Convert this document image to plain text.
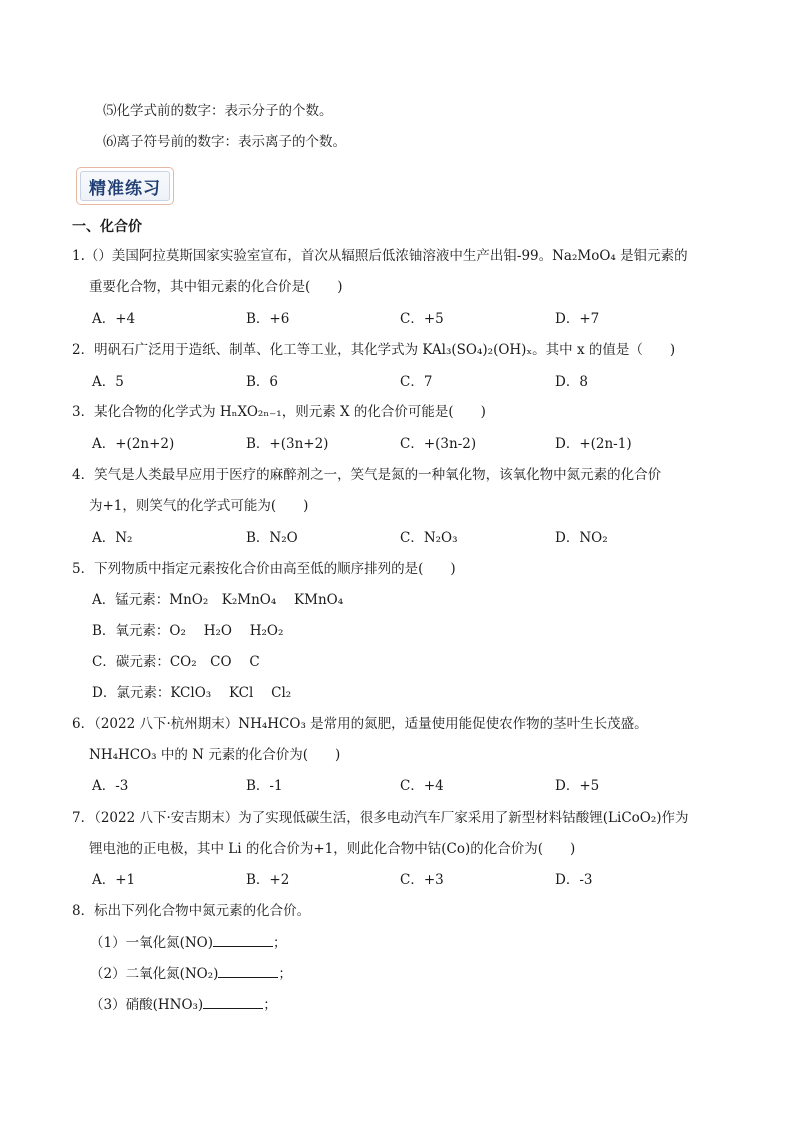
⑸化学式前的数字：表示分子的个数。
⑹离子符号前的数字：表示离子的个数。
精准练习
一、化合价
1.（）美国阿拉莫斯国家实验室宣布，首次从辐照后低浓铀溶液中生产出钼-99。Na₂MoO₄ 是钼元素的
重要化合物，其中钼元素的化合价是(　　)
A．+4	B．+6	C．+5	D．+7
2．明矾石广泛用于造纸、制革、化工等工业，其化学式为 KAl₃(SO₄)₂(OH)ₓ。其中 x 的值是（　　)
A．5	B．6	C．7	D．8
3．某化合物的化学式为 HₙXO₂ₙ₋₁，则元素 X 的化合价可能是(　　)
A．+(2n+2)	B．+(3n+2)	C．+(3n-2)	D．+(2n-1)
4．笑气是人类最早应用于医疗的麻醉剂之一，笑气是氮的一种氧化物，该氧化物中氮元素的化合价
为+1，则笑气的化学式可能为(　　)
A．N₂	B．N₂O	C．N₂O₃	D．NO₂
5．下列物质中指定元素按化合价由高至低的顺序排列的是(　　)
A．锰元素：MnO₂　K₂MnO₄　 KMnO₄
B．氧元素：O₂　 H₂O　 H₂O₂
C．碳元素：CO₂　CO　 C
D．氯元素：KClO₃　 KCl　 Cl₂
6．（2022 八下·杭州期末）NH₄HCO₃ 是常用的氮肥，适量使用能促使农作物的茎叶生长茂盛。
NH₄HCO₃ 中的 N 元素的化合价为(　　)
A．-3	B．-1	C．+4	D．+5
7．（2022 八下·安吉期末）为了实现低碳生活，很多电动汽车厂家采用了新型材料钴酸锂(LiCoO₂)作为
锂电池的正电极，其中 Li 的化合价为+1，则此化合物中钴(Co)的化合价为(　　)
A．+1	B．+2	C．+3	D．-3
8．标出下列化合物中氮元素的化合价。
（1）一氧化氮(NO)	；
（2）二氧化氮(NO₂)	；
（3）硝酸(HNO₃)	；
